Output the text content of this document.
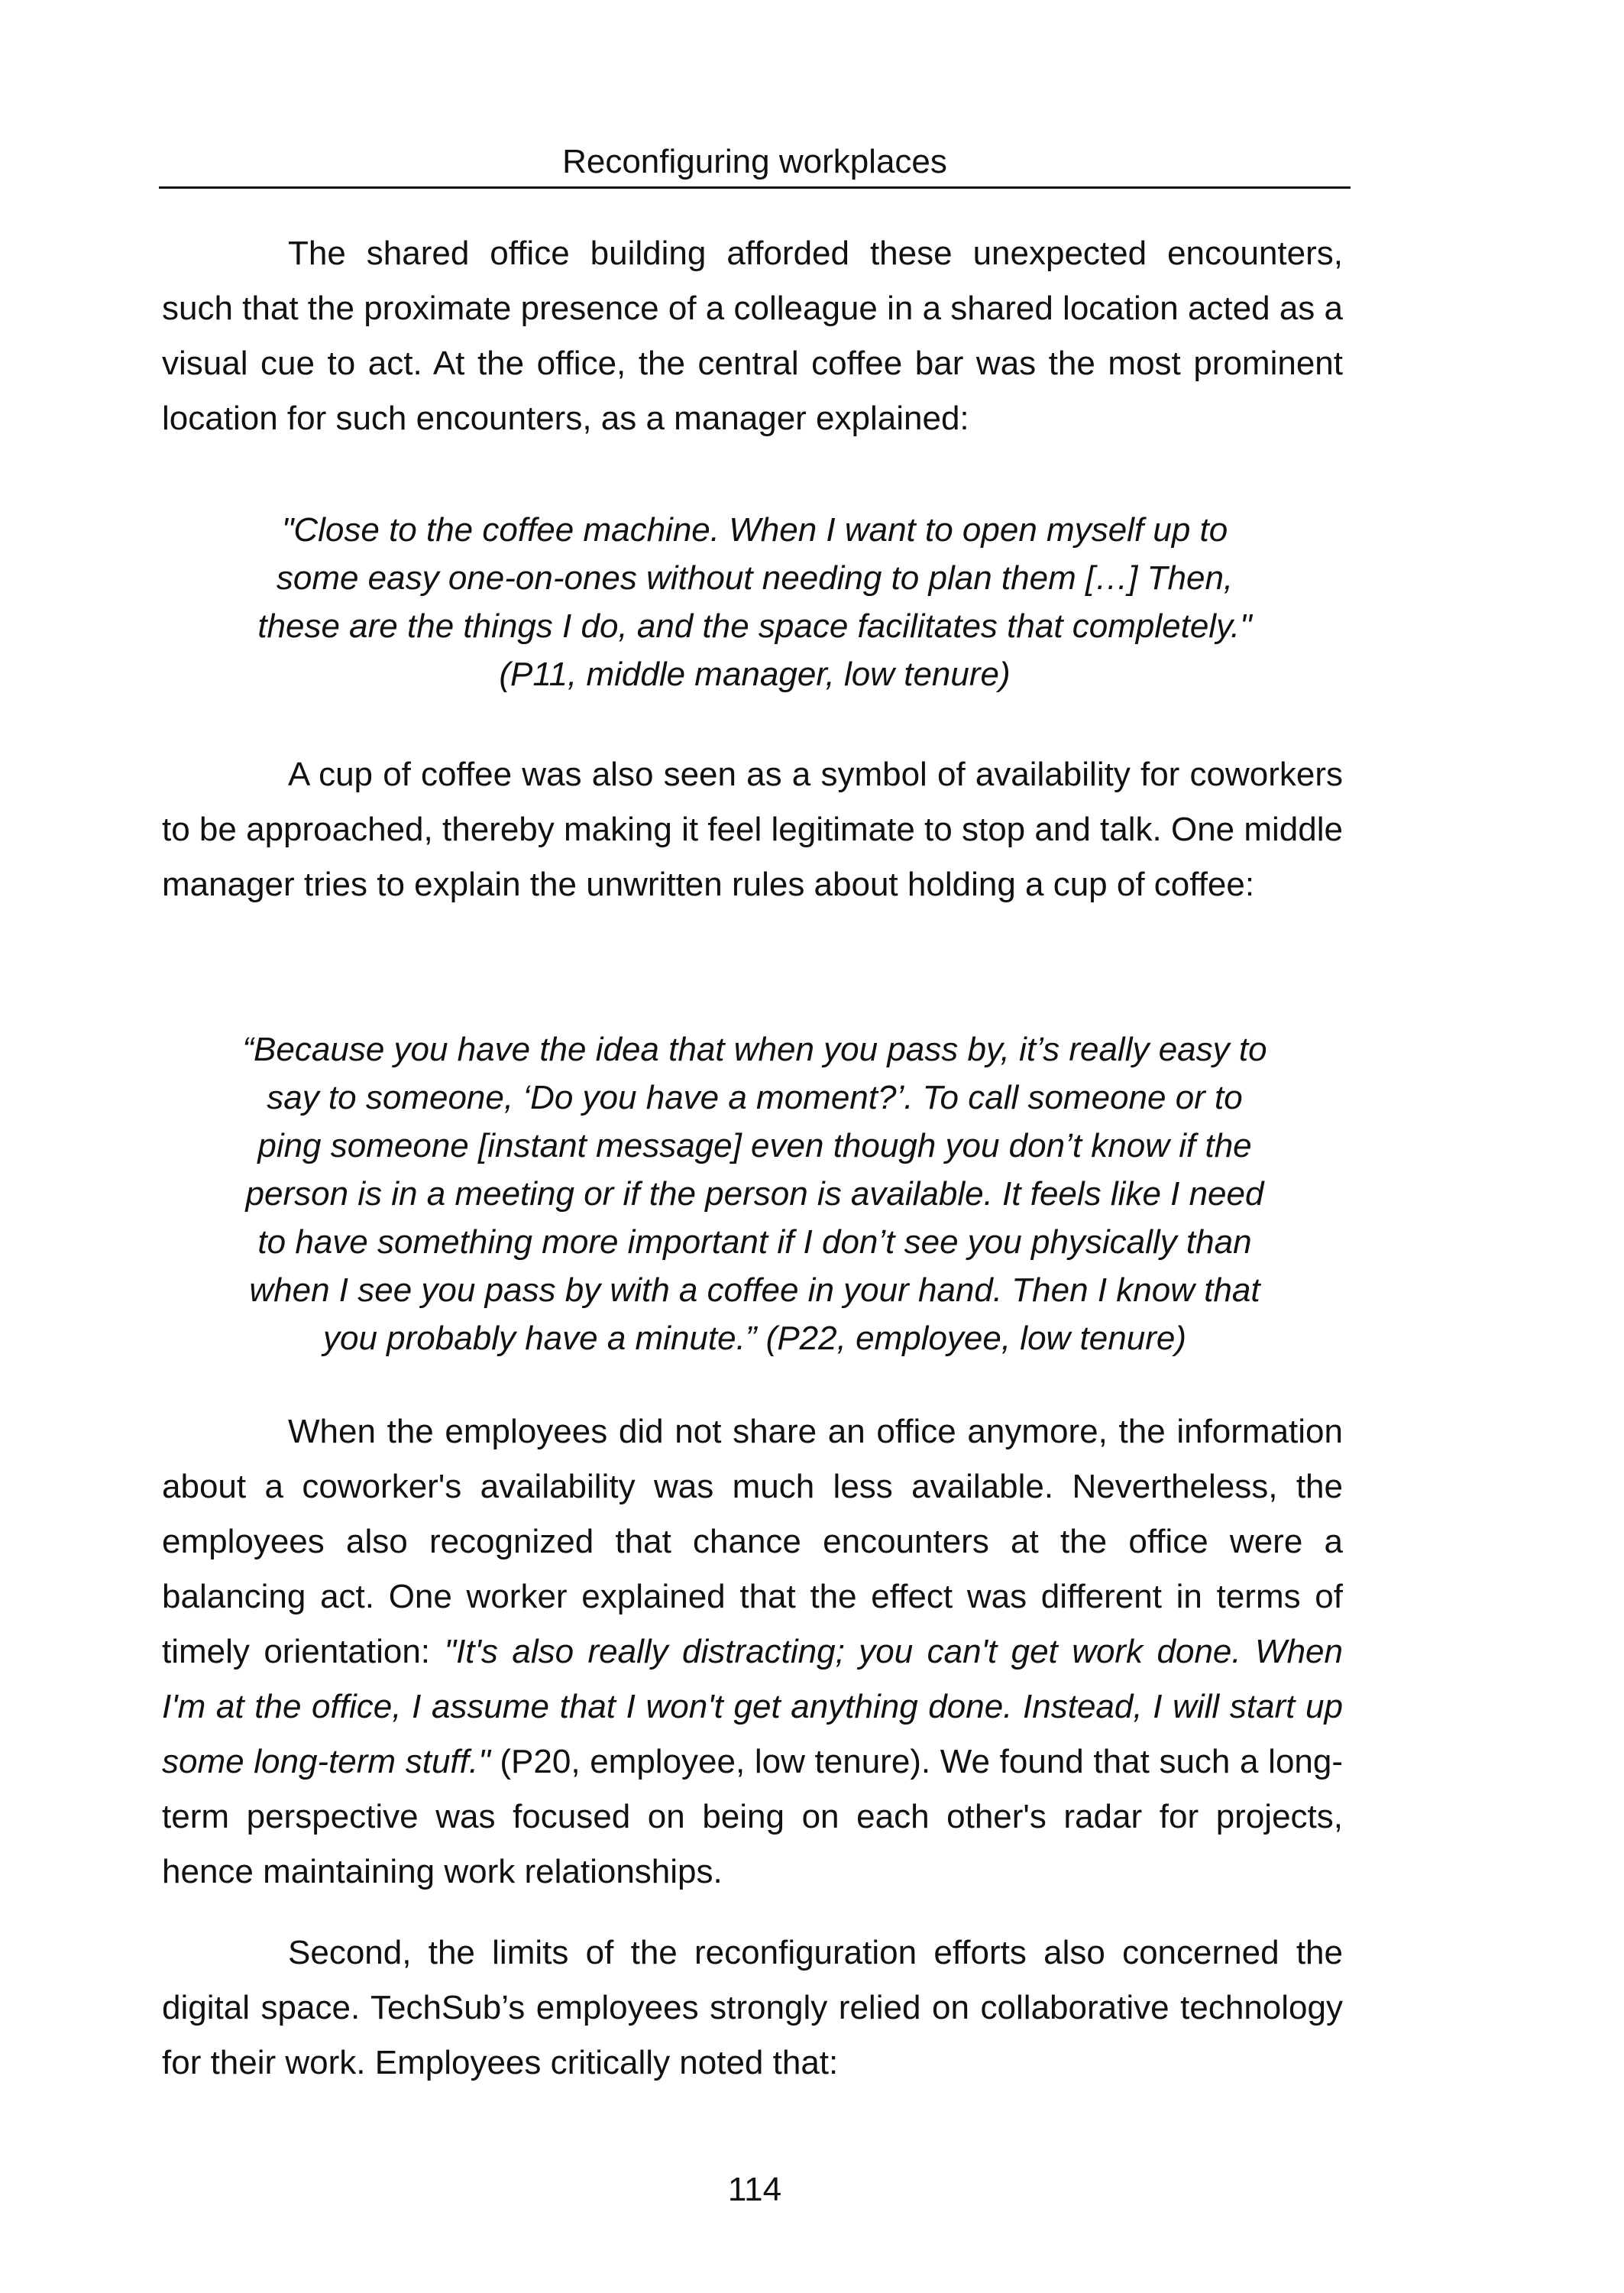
Reconfiguring workplaces

The shared office building afforded these unexpected encounters, such that the proximate presence of a colleague in a shared location acted as a visual cue to act. At the office, the central coffee bar was the most prominent location for such encounters, as a manager explained:

"Close to the coffee machine. When I want to open myself up to
some easy one-on-ones without needing to plan them […] Then,
these are the things I do, and the space facilitates that completely."
(P11, middle manager, low tenure)

A cup of coffee was also seen as a symbol of availability for coworkers to be approached, thereby making it feel legitimate to stop and talk. One middle manager tries to explain the unwritten rules about holding a cup of coffee:

“Because you have the idea that when you pass by, it’s really easy to
say to someone, ‘Do you have a moment?’. To call someone or to
ping someone [instant message] even though you don’t know if the
person is in a meeting or if the person is available. It feels like I need
to have something more important if I don’t see you physically than
when I see you pass by with a coffee in your hand. Then I know that
you probably have a minute.” (P22, employee, low tenure)

When the employees did not share an office anymore, the information about a coworker's availability was much less available. Nevertheless, the employees also recognized that chance encounters at the office were a balancing act. One worker explained that the effect was different in terms of timely orientation: "It's also really distracting; you can't get work done. When I'm at the office, I assume that I won't get anything done. Instead, I will start up some long-term stuff." (P20, employee, low tenure). We found that such a long-term perspective was focused on being on each other's radar for projects, hence maintaining work relationships.

Second, the limits of the reconfiguration efforts also concerned the digital space. TechSub’s employees strongly relied on collaborative technology for their work. Employees critically noted that:

114
